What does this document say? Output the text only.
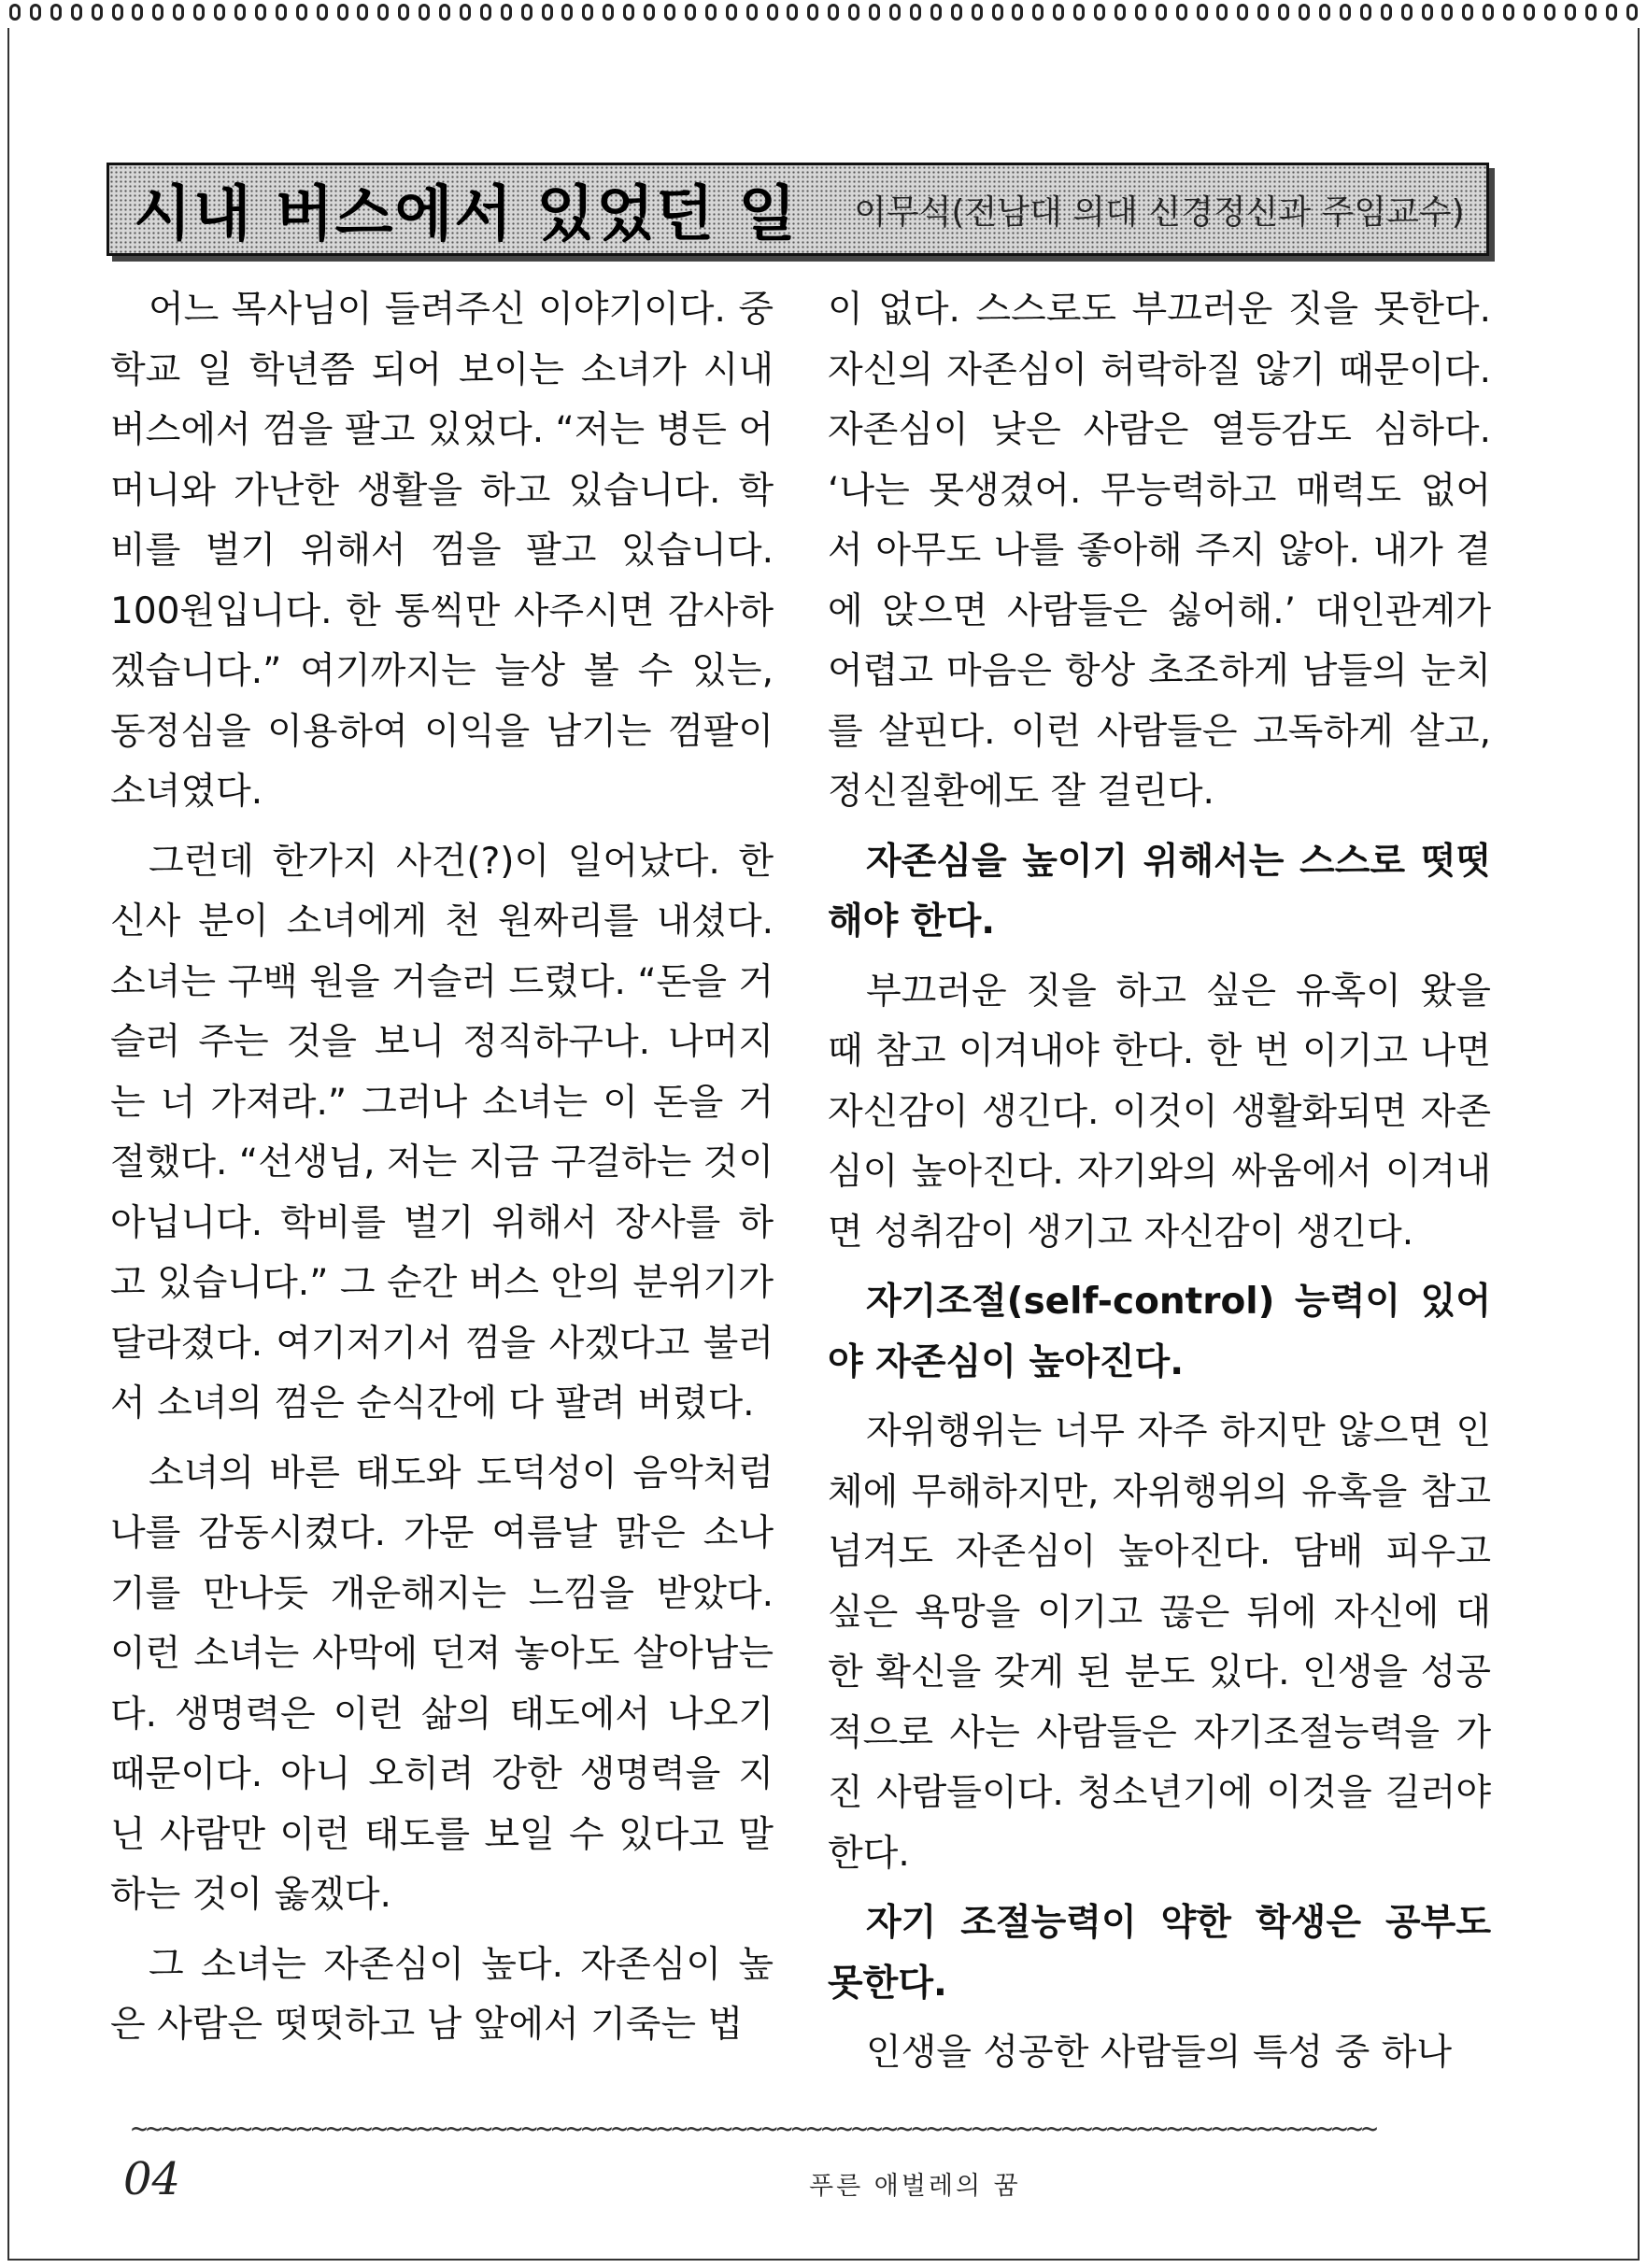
시내 버스에서 있었던 일 이무석(전남대 의대 신경정신과 주임교수)

어느 목사님이 들려주신 이야기이다. 중학교 일 학년쯤 되어 보이는 소녀가 시내 버스에서 껌을 팔고 있었다. “저는 병든 어머니와 가난한 생활을 하고 있습니다. 학비를 벌기 위해서 껌을 팔고 있습니다. 100원입니다. 한 통씩만 사주시면 감사하겠습니다.” 여기까지는 늘상 볼 수 있는, 동정심을 이용하여 이익을 남기는 껌팔이 소녀였다.

그런데 한가지 사건(?)이 일어났다. 한 신사 분이 소녀에게 천 원짜리를 내셨다. 소녀는 구백 원을 거슬러 드렸다. “돈을 거슬러 주는 것을 보니 정직하구나. 나머지는 너 가져라.” 그러나 소녀는 이 돈을 거절했다. “선생님, 저는 지금 구걸하는 것이 아닙니다. 학비를 벌기 위해서 장사를 하고 있습니다.” 그 순간 버스 안의 분위기가 달라졌다. 여기저기서 껌을 사겠다고 불러서 소녀의 껌은 순식간에 다 팔려 버렸다.

소녀의 바른 태도와 도덕성이 음악처럼 나를 감동시켰다. 가문 여름날 맑은 소나기를 만나듯 개운해지는 느낌을 받았다. 이런 소녀는 사막에 던져 놓아도 살아남는다. 생명력은 이런 삶의 태도에서 나오기 때문이다. 아니 오히려 강한 생명력을 지닌 사람만 이런 태도를 보일 수 있다고 말하는 것이 옳겠다.

그 소녀는 자존심이 높다. 자존심이 높은 사람은 떳떳하고 남 앞에서 기죽는 법

이 없다. 스스로도 부끄러운 짓을 못한다. 자신의 자존심이 허락하질 않기 때문이다. 자존심이 낮은 사람은 열등감도 심하다. ‘나는 못생겼어. 무능력하고 매력도 없어서 아무도 나를 좋아해 주지 않아. 내가 곁에 앉으면 사람들은 싫어해.’ 대인관계가 어렵고 마음은 항상 초조하게 남들의 눈치를 살핀다. 이런 사람들은 고독하게 살고, 정신질환에도 잘 걸린다.

자존심을 높이기 위해서는 스스로 떳떳해야 한다.

부끄러운 짓을 하고 싶은 유혹이 왔을 때 참고 이겨내야 한다. 한 번 이기고 나면 자신감이 생긴다. 이것이 생활화되면 자존심이 높아진다. 자기와의 싸움에서 이겨내면 성취감이 생기고 자신감이 생긴다.

자기조절(self-control) 능력이 있어야 자존심이 높아진다.

자위행위는 너무 자주 하지만 않으면 인체에 무해하지만, 자위행위의 유혹을 참고 넘겨도 자존심이 높아진다. 담배 피우고 싶은 욕망을 이기고 끊은 뒤에 자신에 대한 확신을 갖게 된 분도 있다. 인생을 성공적으로 사는 사람들은 자기조절능력을 가진 사람들이다. 청소년기에 이것을 길러야 한다.

자기 조절능력이 약한 학생은 공부도 못한다.

인생을 성공한 사람들의 특성 중 하나

~~~~~~~~~~~~~~~~~~~~~~~~~~~~~~~~~~~~~~~~~~~~~~~~~~~~~~~~~~~~~~~~~~~~~~~~~~~~~~~~~~~
04	푸른 애벌레의 꿈
